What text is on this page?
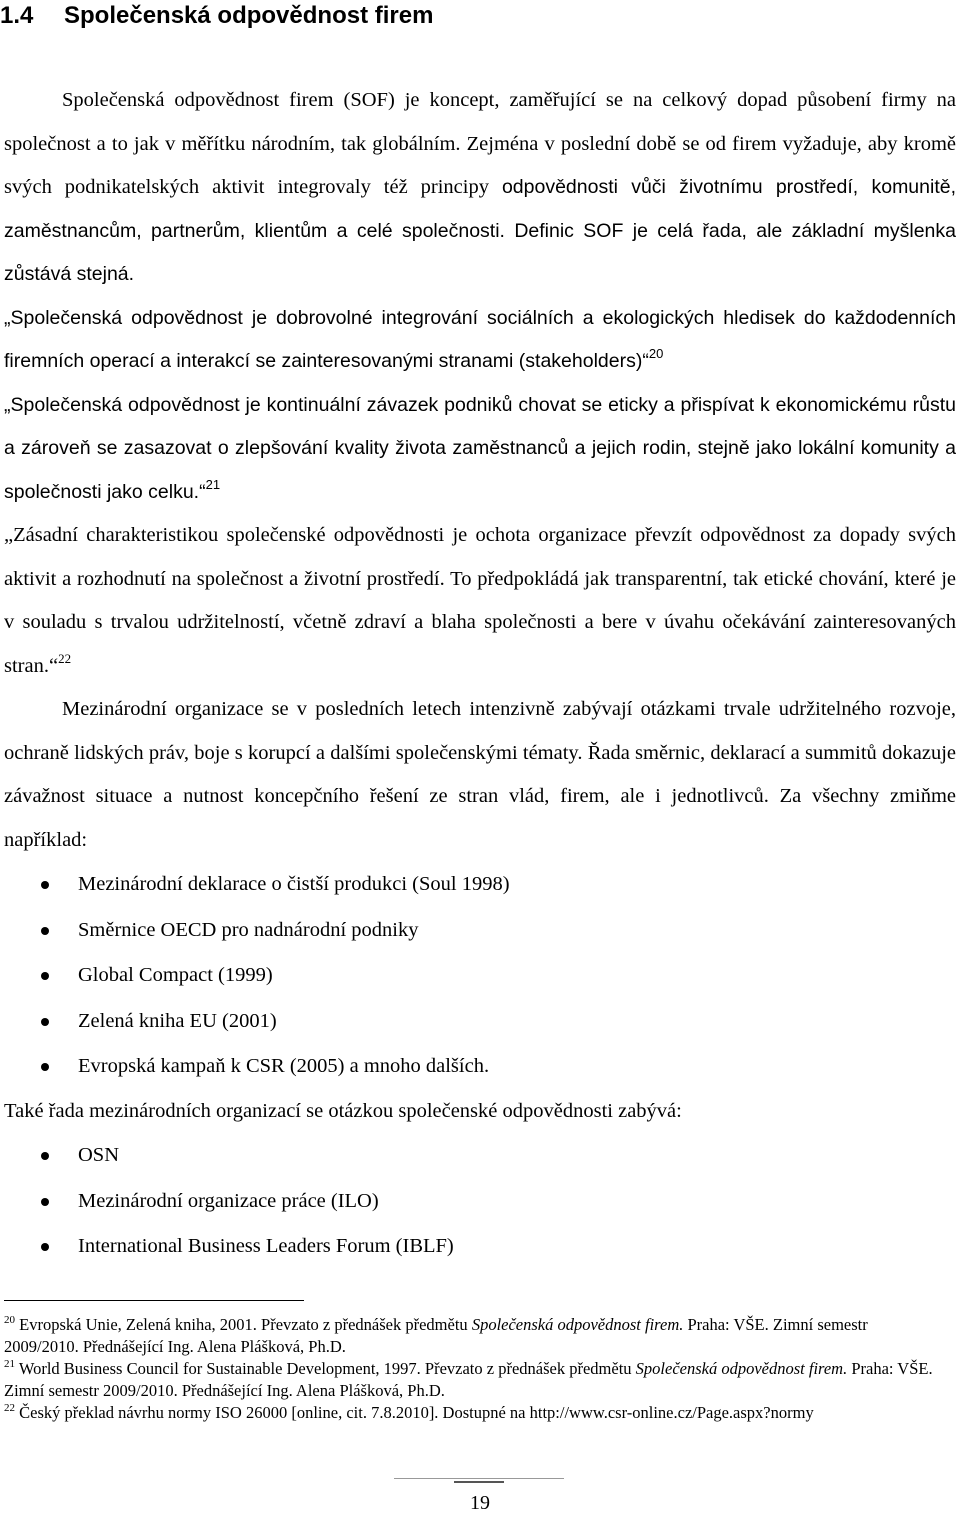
1.4 Společenská odpovědnost firem

Společenská odpovědnost firem (SOF) je koncept, zaměřující se na celkový dopad působení firmy na společnost a to jak v měřítku národním, tak globálním. Zejména v poslední době se od firem vyžaduje, aby kromě svých podnikatelských aktivit integrovaly též principy odpovědnosti vůči životnímu prostředí, komunitě, zaměstnancům, partnerům, klientům a celé společnosti. Definic SOF je celá řada, ale základní myšlenka zůstává stejná.

„Společenská odpovědnost je dobrovolné integrování sociálních a ekologických hledisek do každodenních firemních operací a interakcí se zainteresovanými stranami (stakeholders)“$^{20}$

„Společenská odpovědnost je kontinuální závazek podniků chovat se eticky a přispívat k ekonomickému růstu a zároveň se zasazovat o zlepšování kvality života zaměstnanců a jejich rodin, stejně jako lokální komunity a společnosti jako celku.“$^{21}$

„Zásadní charakteristikou společenské odpovědnosti je ochota organizace převzít odpovědnost za dopady svých aktivit a rozhodnutí na společnost a životní prostředí. To předpokládá jak transparentní, tak etické chování, které je v souladu s trvalou udržitelností, včetně zdraví a blaha společnosti a bere v úvahu očekávání zainteresovaných stran.“$^{22}$

Mezinárodní organizace se v posledních letech intenzivně zabývají otázkami trvale udržitelného rozvoje, ochraně lidských práv, boje s korupcí a dalšími společenskými tématy. Řada směrnic, deklarací a summitů dokazuje závažnost situace a nutnost koncepčního řešení ze stran vlád, firem, ale i jednotlivců. Za všechny zmiňme například:

Mezinárodní deklarace o čistší produkci (Soul 1998)
Směrnice OECD pro nadnárodní podniky
Global Compact (1999)
Zelená kniha EU (2001)
Evropská kampaň k CSR (2005) a mnoho dalších.

Také řada mezinárodních organizací se otázkou společenské odpovědnosti zabývá:

OSN
Mezinárodní organizace práce (ILO)
International Business Leaders Forum (IBLF)

$^{20}$ Evropská Unie, Zelená kniha, 2001. Převzato z přednášek předmětu Společenská odpovědnost firem. Praha: VŠE. Zimní semestr 2009/2010. Přednášející Ing. Alena Plášková, Ph.D.

$^{21}$ World Business Council for Sustainable Development, 1997. Převzato z přednášek předmětu Společenská odpovědnost firem. Praha: VŠE. Zimní semestr 2009/2010. Přednášející Ing. Alena Plášková, Ph.D.

$^{22}$ Český překlad návrhu normy ISO 26000 [online, cit. 7.8.2010]. Dostupné na http://www.csr-online.cz/Page.aspx?normy

19
